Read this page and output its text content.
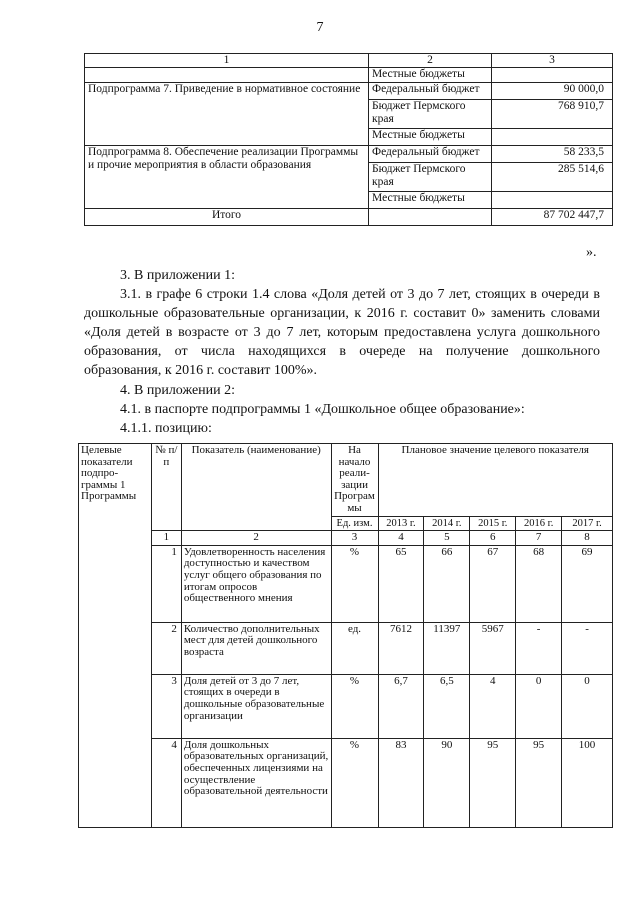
7
1	2	3
	Местные бюджеты	
Подпрограмма 7. Приведение в нормативное состояние	Федеральный бюджет	90 000,0
	Бюджет Пермского края	768 910,7
	Местные бюджеты	
Подпрограмма 8. Обеспечение реализации Программы и прочие мероприятия в области образования	Федеральный бюджет	58 233,5
	Бюджет Пермского края	285 514,6
	Местные бюджеты	
Итого		87 702 447,7
».
3. В приложении 1:
3.1. в графе 6 строки 1.4 слова «Доля детей от 3 до 7 лет, стоящих в очереди в дошкольные образовательные организации, к 2016 г. составит 0» заменить словами «Доля детей в возрасте от 3 до 7 лет, которым предоставлена услуга дошкольного образования, от числа находящихся в очереде на получение дошкольного образования, к 2016 г. составит 100%».
4. В приложении 2:
4.1. в паспорте подпрограммы 1 «Дошкольное общее образование»:
4.1.1. позицию:
Целевые показатели подпро-граммы 1 Программы	№ п/п	Показатель (наименование)	На начало реали-зации Програм мы	Плановое значение целевого показателя				
			Ед. изм.	2013 г.	2014 г.	2015 г.	2016 г.	2017 г.
	1	2	3	4	5	6	7	8
	1	Удовлетворенность населения доступностью и качеством услуг общего образования по итогам опросов общественного мнения	%	65	66	67	68	69
	2	Количество дополнительных мест для детей дошкольного возраста	ед.	7612	11397	5967	-	-
	3	Доля детей от 3 до 7 лет, стоящих в очереди в дошкольные образовательные организации	%	6,7	6,5	4	0	0
	4	Доля дошкольных образовательных организаций, обеспеченных лицензиями на осуществление образовательной деятельности	%	83	90	95	95	100
